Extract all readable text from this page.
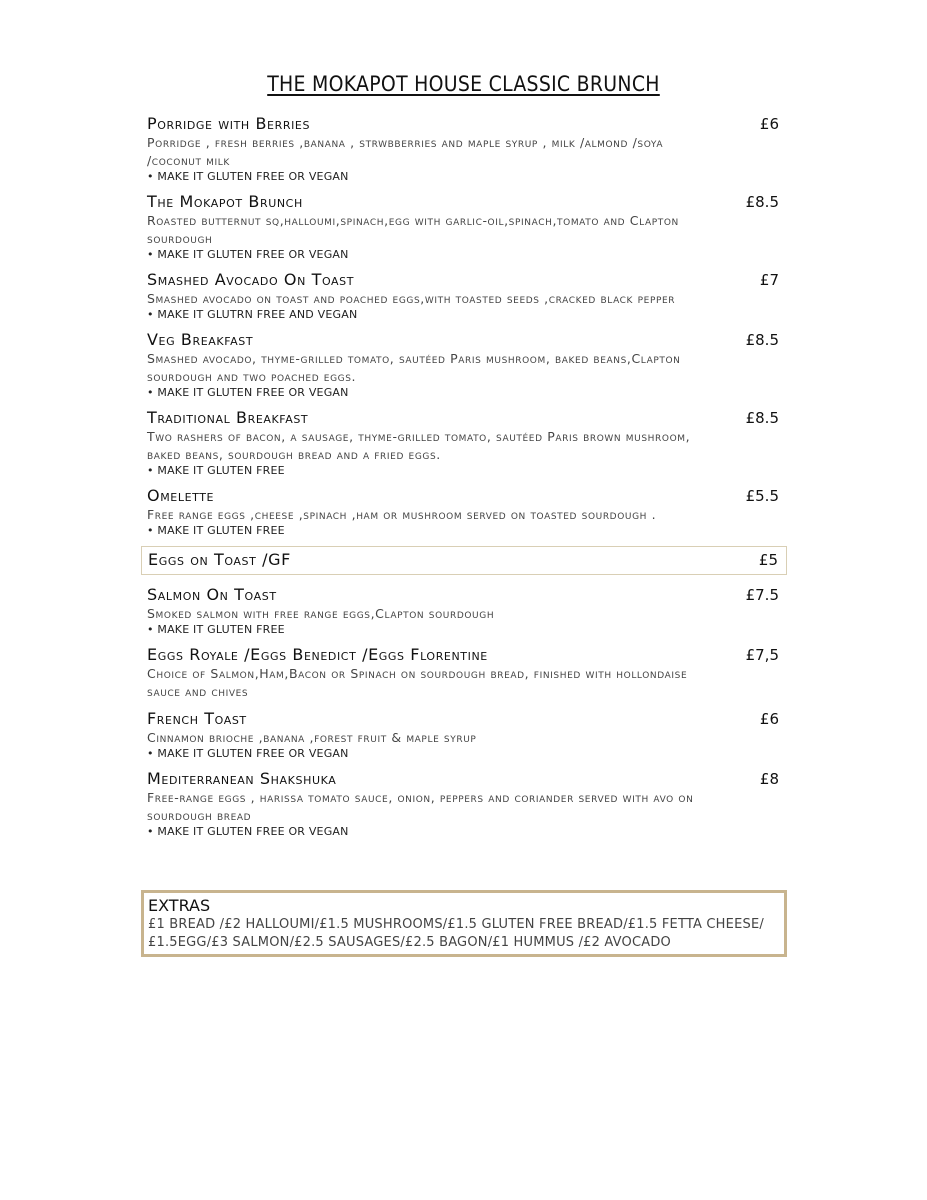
THE MOKAPOT HOUSE CLASSIC BRUNCH
Porridge with Berries	£6
Porridge , fresh berries ,banana , strwbberries and maple syrup , milk /almond /soya /coconut milk
• MAKE IT GLUTEN FREE OR VEGAN
The Mokapot Brunch	£8.5
Roasted butternut sq,halloumi,spinach,egg with garlic-oil,spinach,tomato and Clapton sourdough
• MAKE IT GLUTEN FREE OR VEGAN
Smashed Avocado On Toast	£7
Smashed avocado on toast and poached eggs,with toasted seeds ,cracked black pepper
• MAKE IT GLUTRN FREE AND VEGAN
Veg Breakfast	£8.5
Smashed avocado, thyme-grilled tomato, sautéed Paris mushroom, baked beans,Clapton sourdough and two poached eggs.
• MAKE IT GLUTEN FREE OR VEGAN
Traditional Breakfast	£8.5
Two rashers of bacon, a sausage, thyme-grilled tomato, sautéed Paris brown mushroom, baked beans, sourdough bread and a fried eggs.
• MAKE IT GLUTEN FREE
Omelette	£5.5
Free range eggs ,cheese ,spinach ,ham or mushroom served on toasted sourdough .
• MAKE IT GLUTEN FREE
Eggs on Toast /GF	£5
Salmon On Toast	£7.5
Smoked salmon with free range eggs,Clapton sourdough
• MAKE IT GLUTEN FREE
Eggs Royale /Eggs Benedict /Eggs Florentine	£7,5
Choice of Salmon,Ham,Bacon or Spinach on sourdough bread, finished with hollondaise sauce and chives
French Toast	£6
Cinnamon brioche ,banana ,forest fruit & maple syrup
• MAKE IT GLUTEN FREE OR VEGAN
Mediterranean Shakshuka	£8
Free-range eggs , harissa tomato sauce, onion, peppers and coriander served with avo on sourdough bread
• MAKE IT GLUTEN FREE OR VEGAN
EXTRAS
£1 BREAD /£2 HALLOUMI/£1.5 MUSHROOMS/£1.5 GLUTEN FREE BREAD/£1.5 FETTA CHEESE/£1.5EGG/£3 SALMON/£2.5 SAUSAGES/£2.5 BAGON/£1 HUMMUS /£2 AVOCADO
